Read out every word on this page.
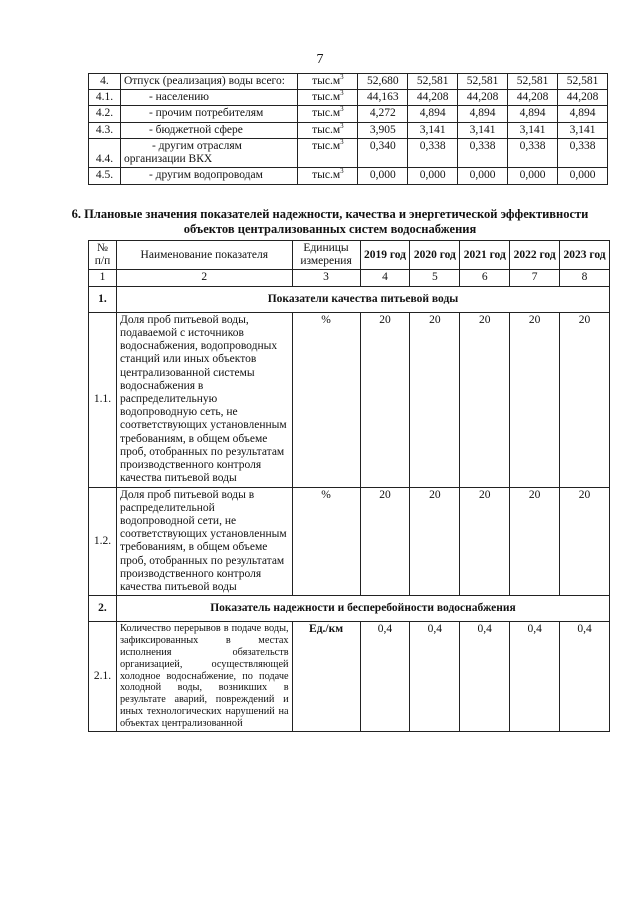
7
4.	Отпуск (реализация) воды всего:	$тыс.м^3$	52,680	52,581	52,581	52,581	52,581
4.1.	- населению	$тыс.м^3$	44,163	44,208	44,208	44,208	44,208
4.2.	- прочим потребителям	$тыс.м^3$	4,272	4,894	4,894	4,894	4,894
4.3.	- бюджетной сфере	$тыс.м^3$	3,905	3,141	3,141	3,141	3,141
4.4.	- другим отраслям организации ВКХ	$тыс.м^3$	0,340	0,338	0,338	0,338	0,338
4.5.	- другим водопроводам	$тыс.м^3$	0,000	0,000	0,000	0,000	0,000
6. Плановые значения показателей надежности, качества и энергетической эффективности объектов централизованных систем водоснабжения
№ п/п	Наименование показателя	Единицы измерения	2019 год	2020 год	2021 год	2022 год	2023 год
1	2	3	4	5	6	7	8
1.	Показатели качества питьевой воды						
1.1.	Доля проб питьевой воды, подаваемой с источников водоснабжения, водопроводных станций или иных объектов централизованной системы водоснабжения в распределительную водопроводную сеть, не соответствующих установленным требованиям, в общем объеме проб, отобранных по результатам производственного контроля качества питьевой воды	%	20	20	20	20	20
1.2.	Доля проб питьевой воды в распределительной водопроводной сети, не соответствующих установленным требованиям, в общем объеме проб, отобранных по результатам производственного контроля качества питьевой воды	%	20	20	20	20	20
2.	Показатель надежности и бесперебойности водоснабжения						
2.1.	Количество перерывов в подаче воды, зафиксированных в местах исполнения обязательств организацией, осуществляющей холодное водоснабжение, по подаче холодной воды, возникших в результате аварий, повреждений и иных технологических нарушений на объектах централизованной	Ед./км	0,4	0,4	0,4	0,4	0,4
